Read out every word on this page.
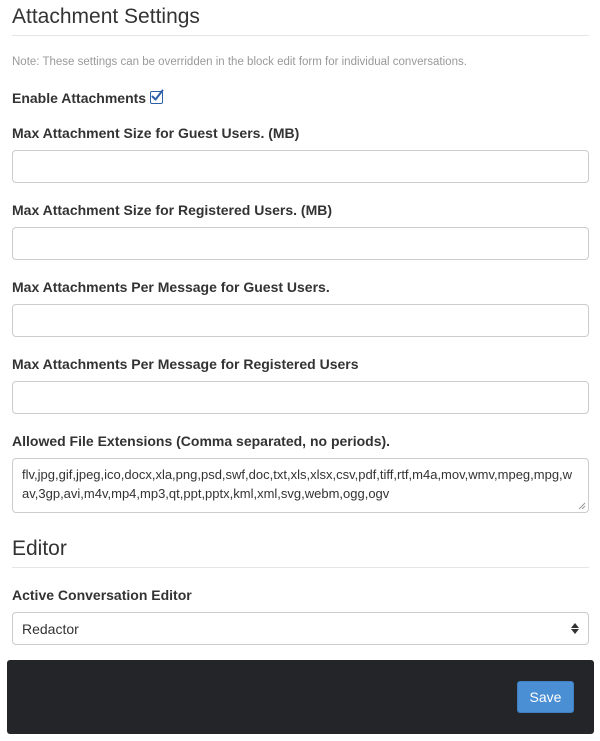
Attachment Settings

Note: These settings can be overridden in the block edit form for individual conversations.

Enable Attachments
Max Attachment Size for Guest Users. (MB)
Max Attachment Size for Registered Users. (MB)
Max Attachments Per Message for Guest Users.
Max Attachments Per Message for Registered Users
Allowed File Extensions (Comma separated, no periods).
flv,jpg,gif,jpeg,ico,docx,xla,png,psd,swf,doc,txt,xls,xlsx,csv,pdf,tiff,rtf,m4a,mov,wmv,mpeg,mpg,wav,3gp,avi,m4v,mp4,mp3,qt,ppt,pptx,kml,xml,svg,webm,ogg,ogv
Editor
Active Conversation Editor
Redactor
Save
